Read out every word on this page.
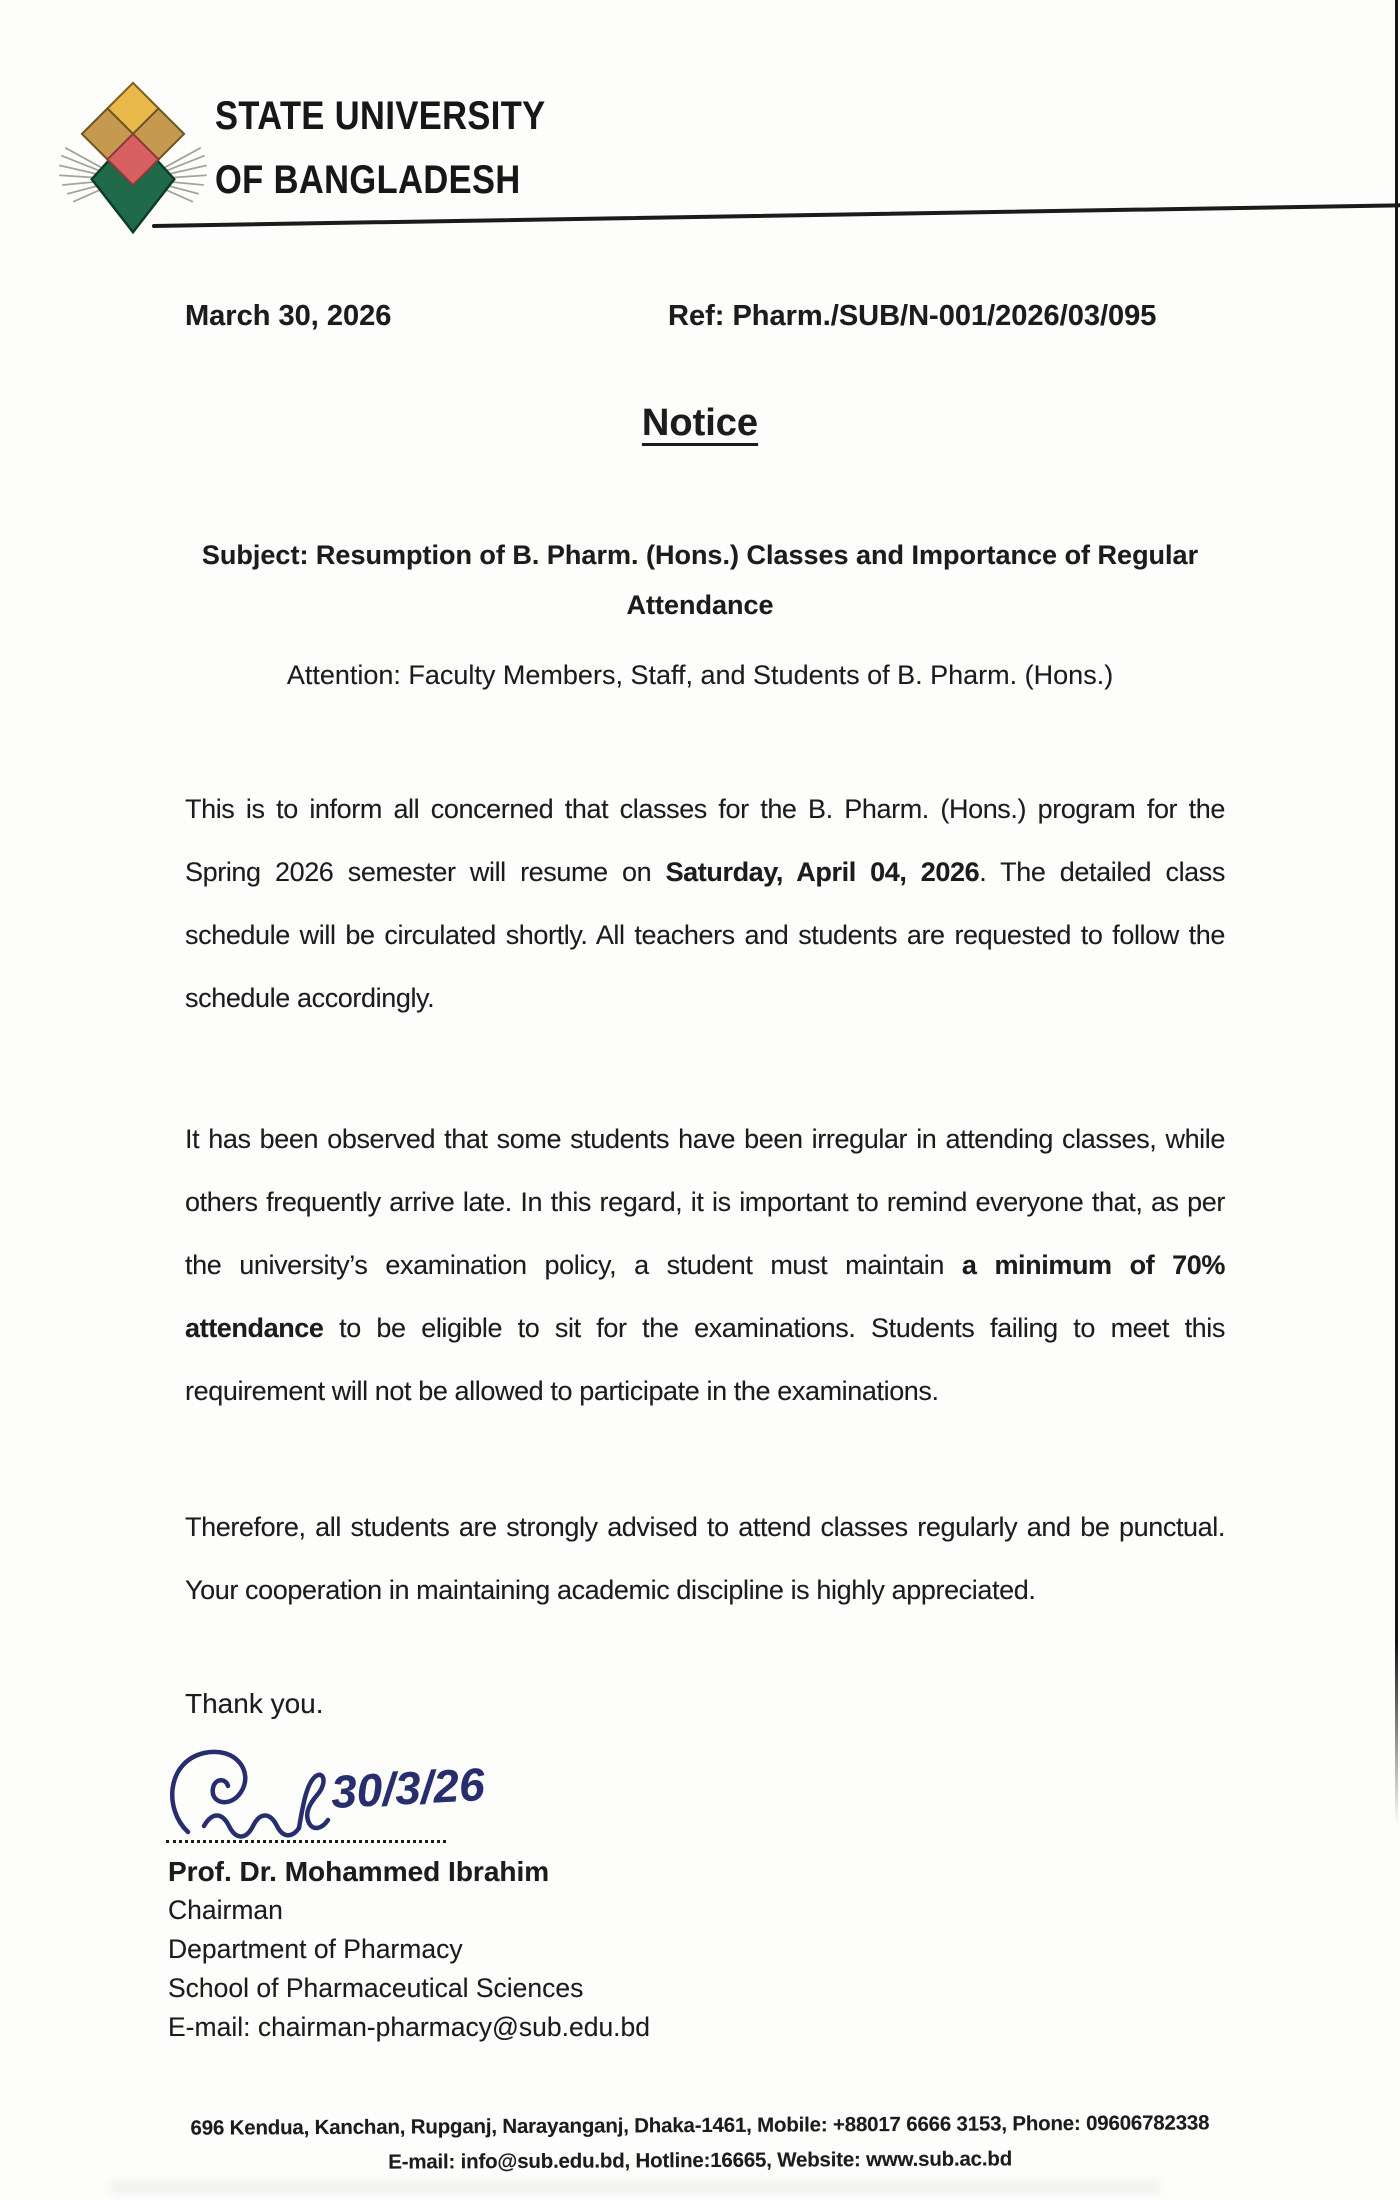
STATE UNIVERSITY
OF BANGLADESH
March 30, 2026	Ref: Pharm./SUB/N-001/2026/03/095
Notice
Subject: Resumption of B. Pharm. (Hons.) Classes and Importance of Regular Attendance
Attention: Faculty Members, Staff, and Students of B. Pharm. (Hons.)

This is to inform all concerned that classes for the B. Pharm. (Hons.) program for the Spring 2026 semester will resume on Saturday, April 04, 2026. The detailed class schedule will be circulated shortly. All teachers and students are requested to follow the schedule accordingly.

It has been observed that some students have been irregular in attending classes, while others frequently arrive late. In this regard, it is important to remind everyone that, as per the university’s examination policy, a student must maintain a minimum of 70% attendance to be eligible to sit for the examinations. Students failing to meet this requirement will not be allowed to participate in the examinations.

Therefore, all students are strongly advised to attend classes regularly and be punctual. Your cooperation in maintaining academic discipline is highly appreciated.

Thank you.
30/3/26
Prof. Dr. Mohammed Ibrahim
Chairman
Department of Pharmacy
School of Pharmaceutical Sciences
E-mail: chairman-pharmacy@sub.edu.bd
696 Kendua, Kanchan, Rupganj, Narayanganj, Dhaka-1461, Mobile: +88017 6666 3153, Phone: 09606782338
E-mail: info@sub.edu.bd, Hotline:16665, Website: www.sub.ac.bd
